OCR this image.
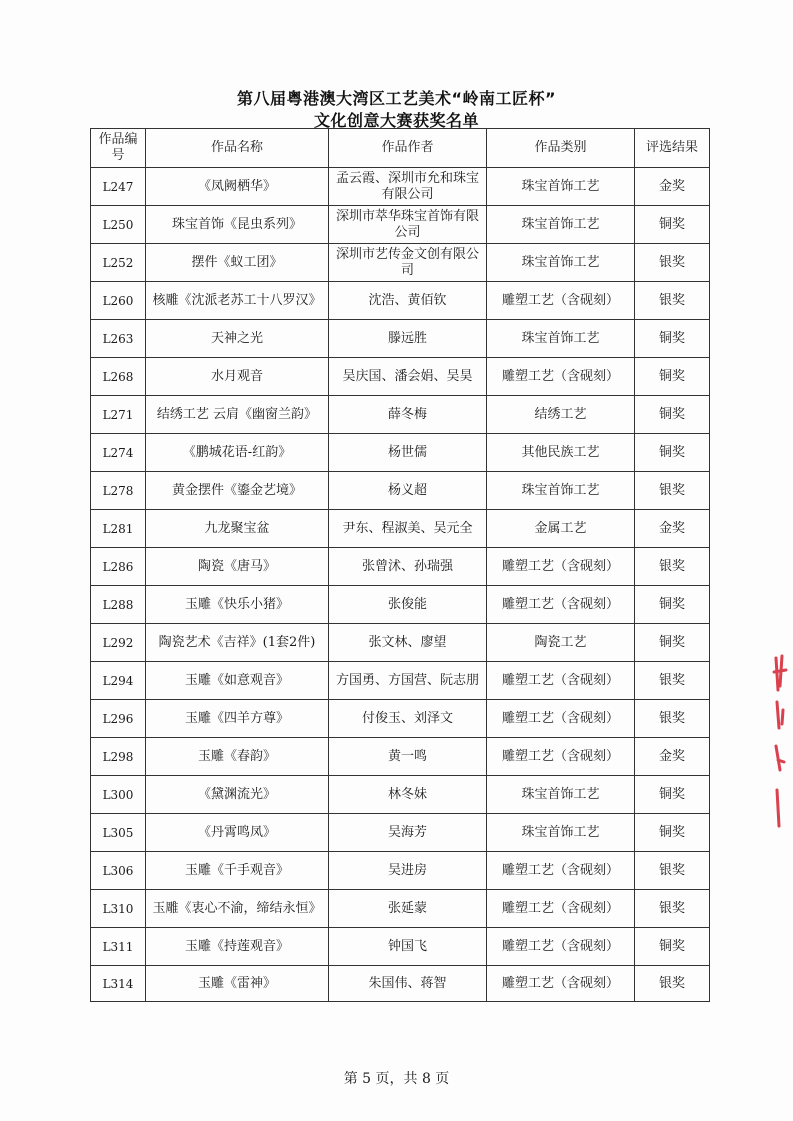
第八届粤港澳大湾区工艺美术“岭南工匠杯”
文化创意大赛获奖名单
作品编号	作品名称	作品作者	作品类别	评选结果
L247	《凤阙栖华》	孟云霞、深圳市允和珠宝有限公司	珠宝首饰工艺	金奖
L250	珠宝首饰《昆虫系列》	深圳市萃华珠宝首饰有限公司	珠宝首饰工艺	铜奖
L252	摆件《蚁工团》	深圳市艺传金文创有限公司	珠宝首饰工艺	银奖
L260	核雕《沈派老苏工十八罗汉》	沈浩、黄佰钦	雕塑工艺（含砚刻）	银奖
L263	天神之光	滕远胜	珠宝首饰工艺	铜奖
L268	水月观音	吴庆国、潘会娟、吴昊	雕塑工艺（含砚刻）	铜奖
L271	结绣工艺 云肩《幽窗兰韵》	薛冬梅	结绣工艺	铜奖
L274	《鹏城花语-红韵》	杨世儒	其他民族工艺	铜奖
L278	黄金摆件《鎏金艺境》	杨义超	珠宝首饰工艺	银奖
L281	九龙聚宝盆	尹东、程淑美、吴元全	金属工艺	金奖
L286	陶瓷《唐马》	张曾沭、孙瑞强	雕塑工艺（含砚刻）	银奖
L288	玉雕《快乐小猪》	张俊能	雕塑工艺（含砚刻）	铜奖
L292	陶瓷艺术《吉祥》(1套2件)	张文林、廖望	陶瓷工艺	铜奖
L294	玉雕《如意观音》	方国勇、方国营、阮志朋	雕塑工艺（含砚刻）	银奖
L296	玉雕《四羊方尊》	付俊玉、刘泽文	雕塑工艺（含砚刻）	银奖
L298	玉雕《春韵》	黄一鸣	雕塑工艺（含砚刻）	金奖
L300	《黛渊流光》	林冬妹	珠宝首饰工艺	铜奖
L305	《丹霄鸣凤》	吴海芳	珠宝首饰工艺	铜奖
L306	玉雕《千手观音》	吴进房	雕塑工艺（含砚刻）	银奖
L310	玉雕《衷心不渝，缔结永恒》	张延蒙	雕塑工艺（含砚刻）	银奖
L311	玉雕《持莲观音》	钟国飞	雕塑工艺（含砚刻）	铜奖
L314	玉雕《雷神》	朱国伟、蒋智	雕塑工艺（含砚刻）	银奖
第 5 页，共 8 页
